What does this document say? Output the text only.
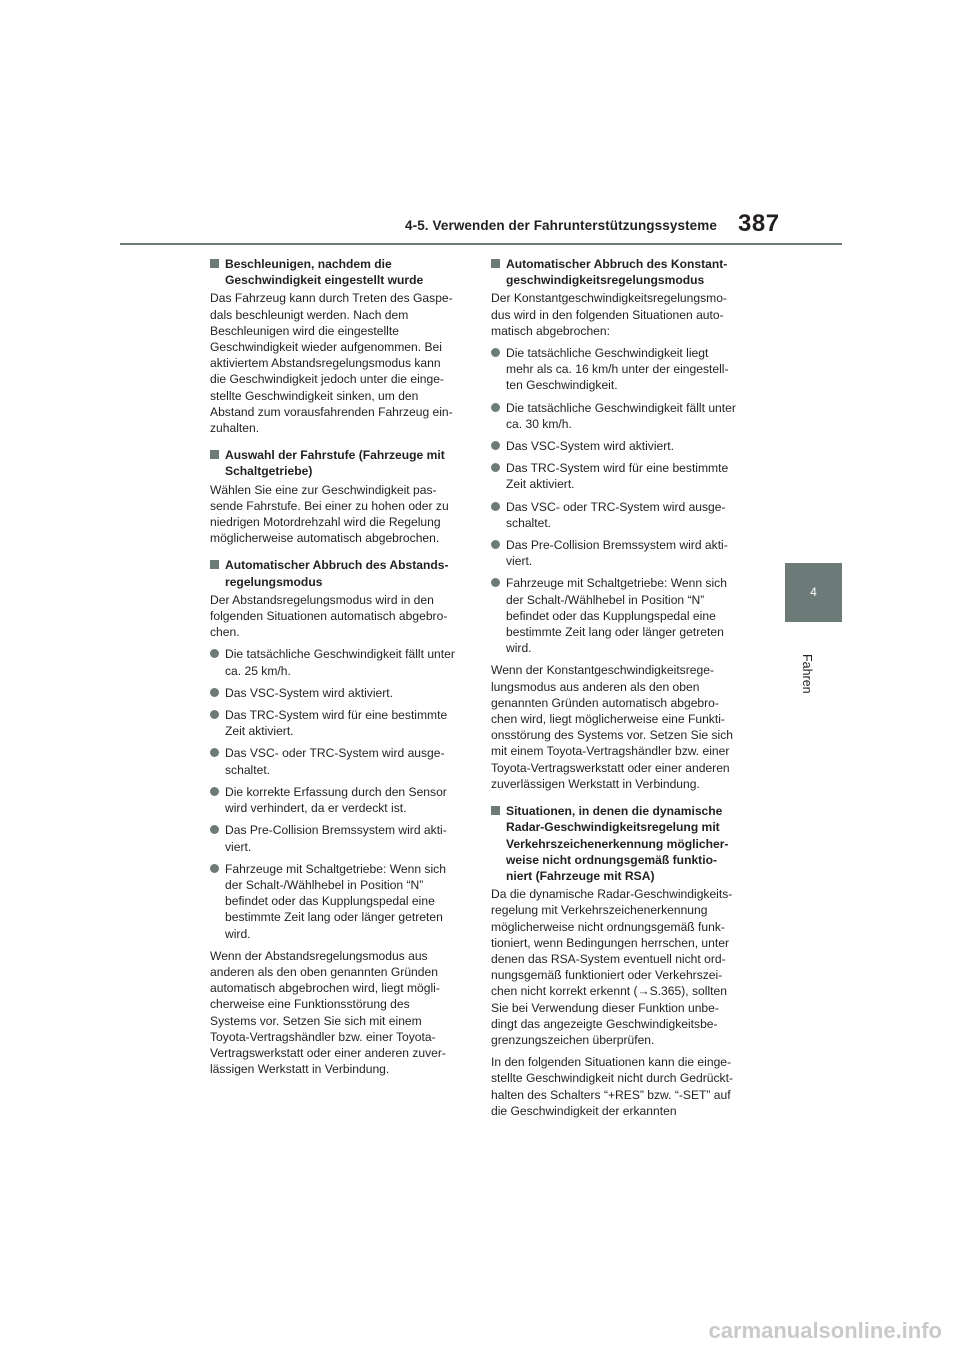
4-5. Verwenden der Fahrunterstützungssysteme 387
4
Fahren
Beschleunigen, nachdem die
Geschwindigkeit eingestellt wurde
Das Fahrzeug kann durch Treten des Gaspe-
dals beschleunigt werden. Nach dem
Beschleunigen wird die eingestellte
Geschwindigkeit wieder aufgenommen. Bei
aktiviertem Abstandsregelungsmodus kann
die Geschwindigkeit jedoch unter die einge-
stellte Geschwindigkeit sinken, um den
Abstand zum vorausfahrenden Fahrzeug ein-
zuhalten.
Auswahl der Fahrstufe (Fahrzeuge mit
Schaltgetriebe)
Wählen Sie eine zur Geschwindigkeit pas-
sende Fahrstufe. Bei einer zu hohen oder zu
niedrigen Motordrehzahl wird die Regelung
möglicherweise automatisch abgebrochen.
Automatischer Abbruch des Abstands-
regelungsmodus
Der Abstandsregelungsmodus wird in den
folgenden Situationen automatisch abgebro-
chen.
Die tatsächliche Geschwindigkeit fällt unter
ca. 25 km/h.
Das VSC-System wird aktiviert.
Das TRC-System wird für eine bestimmte
Zeit aktiviert.
Das VSC- oder TRC-System wird ausge-
schaltet.
Die korrekte Erfassung durch den Sensor
wird verhindert, da er verdeckt ist.
Das Pre-Collision Bremssystem wird akti-
viert.
Fahrzeuge mit Schaltgetriebe: Wenn sich
der Schalt-/Wählhebel in Position “N”
befindet oder das Kupplungspedal eine
bestimmte Zeit lang oder länger getreten
wird.
Wenn der Abstandsregelungsmodus aus
anderen als den oben genannten Gründen
automatisch abgebrochen wird, liegt mögli-
cherweise eine Funktionsstörung des
Systems vor. Setzen Sie sich mit einem
Toyota-Vertragshändler bzw. einer Toyota-
Vertragswerkstatt oder einer anderen zuver-
lässigen Werkstatt in Verbindung.
Automatischer Abbruch des Konstant-
geschwindigkeitsregelungsmodus
Der Konstantgeschwindigkeitsregelungsmo-
dus wird in den folgenden Situationen auto-
matisch abgebrochen:
Die tatsächliche Geschwindigkeit liegt
mehr als ca. 16 km/h unter der eingestell-
ten Geschwindigkeit.
Die tatsächliche Geschwindigkeit fällt unter
ca. 30 km/h.
Das VSC-System wird aktiviert.
Das TRC-System wird für eine bestimmte
Zeit aktiviert.
Das VSC- oder TRC-System wird ausge-
schaltet.
Das Pre-Collision Bremssystem wird akti-
viert.
Fahrzeuge mit Schaltgetriebe: Wenn sich
der Schalt-/Wählhebel in Position “N”
befindet oder das Kupplungspedal eine
bestimmte Zeit lang oder länger getreten
wird.
Wenn der Konstantgeschwindigkeitsrege-
lungsmodus aus anderen als den oben
genannten Gründen automatisch abgebro-
chen wird, liegt möglicherweise eine Funkti-
onsstörung des Systems vor. Setzen Sie sich
mit einem Toyota-Vertragshändler bzw. einer
Toyota-Vertragswerkstatt oder einer anderen
zuverlässigen Werkstatt in Verbindung.
Situationen, in denen die dynamische
Radar-Geschwindigkeitsregelung mit
Verkehrszeichenerkennung möglicher-
weise nicht ordnungsgemäß funktio-
niert (Fahrzeuge mit RSA)
Da die dynamische Radar-Geschwindigkeits-
regelung mit Verkehrszeichenerkennung
möglicherweise nicht ordnungsgemäß funk-
tioniert, wenn Bedingungen herrschen, unter
denen das RSA-System eventuell nicht ord-
nungsgemäß funktioniert oder Verkehrszei-
chen nicht korrekt erkennt (→S.365), sollten
Sie bei Verwendung dieser Funktion unbe-
dingt das angezeigte Geschwindigkeitsbe-
grenzungszeichen überprüfen.
In den folgenden Situationen kann die einge-
stellte Geschwindigkeit nicht durch Gedrückt-
halten des Schalters “+RES” bzw. “-SET” auf
die Geschwindigkeit der erkannten
carmanualsonline.info
